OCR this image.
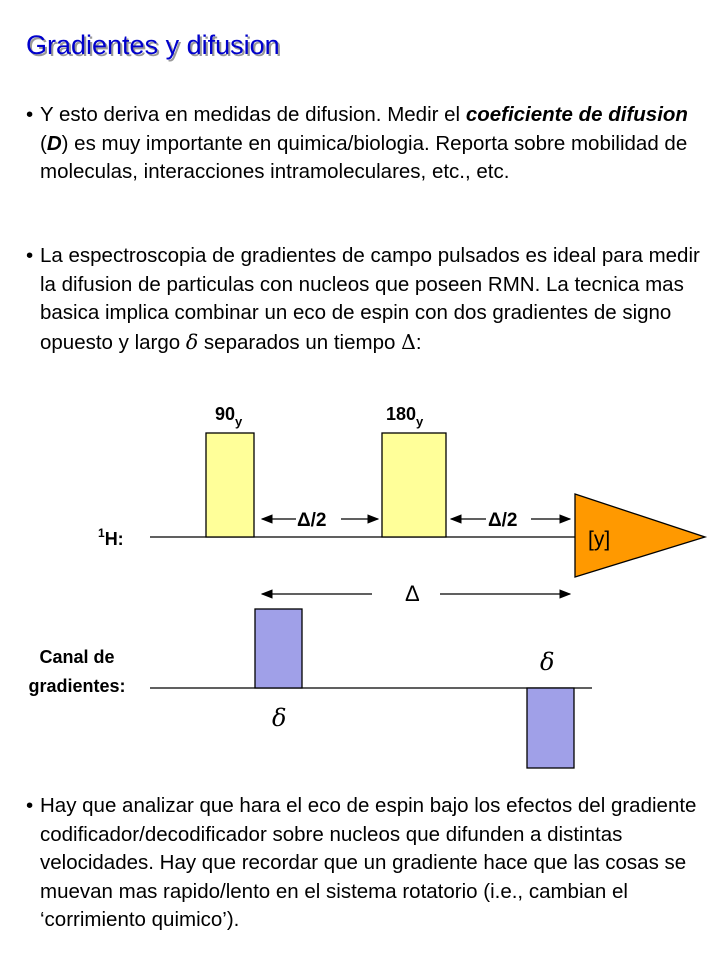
Gradientes y difusion
• Y esto deriva en medidas de difusion. Medir el coeficiente de difusion (D) es muy importante en quimica/biologia. Reporta sobre mobilidad de moleculas, interacciones intramoleculares, etc., etc.

• La espectroscopia de gradientes de campo pulsados es ideal para medir la difusion de particulas con nucleos que poseen RMN. La tecnica mas basica implica combinar un eco de espin con dos gradientes de signo opuesto y largo δ separados un tiempo Δ:

$90_y$	$180_y$
Δ/2	Δ/2
$^1$H:	[y]
Δ
Canal de
gradientes:
δ
δ
• Hay que analizar que hara el eco de espin bajo los efectos del gradiente codificador/decodificador sobre nucleos que difunden a distintas velocidades. Hay que recordar que un gradiente hace que las cosas se muevan mas rapido/lento en el sistema rotatorio (i.e., cambian el ‘corrimiento quimico’).
